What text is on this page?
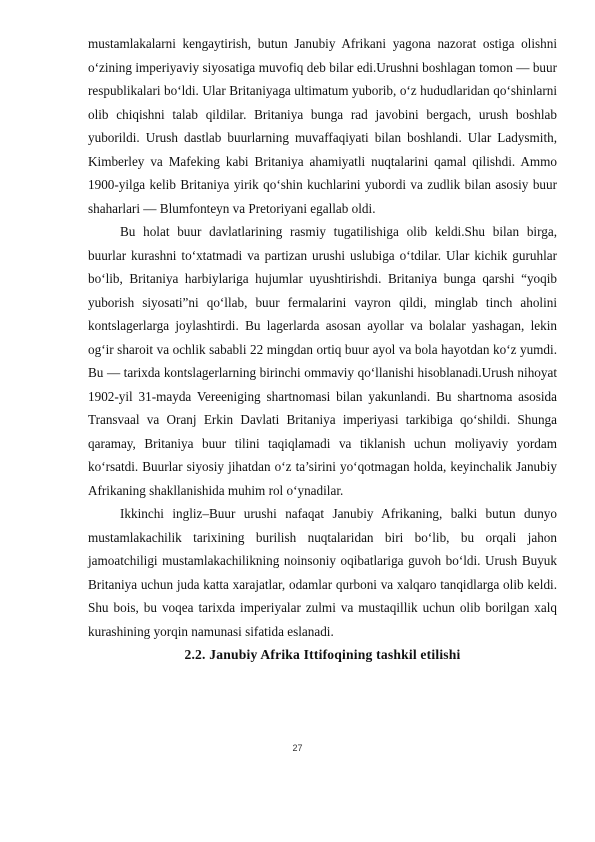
mustamlakalarni kengaytirish, butun Janubiy Afrikani yagona nazorat ostiga olishni o‘zining imperiyaviy siyosatiga muvofiq deb bilar edi.Urushni boshlagan tomon — buur respublikalari bo‘ldi. Ular Britaniyaga ultimatum yuborib, o‘z hududlaridan qo‘shinlarni olib chiqishni talab qildilar. Britaniya bunga rad javobini bergach, urush boshlab yuborildi. Urush dastlab buurlarning muvaffaqiyati bilan boshlandi. Ular Ladysmith, Kimberley va Mafeking kabi Britaniya ahamiyatli nuqtalarini qamal qilishdi. Ammo 1900-yilga kelib Britaniya yirik qo‘shin kuchlarini yubordi va zudlik bilan asosiy buur shaharlari — Blumfonteyn va Pretoriyani egallab oldi.

Bu holat buur davlatlarining rasmiy tugatilishiga olib keldi.Shu bilan birga, buurlar kurashni to‘xtatmadi va partizan urushi uslubiga o‘tdilar. Ular kichik guruhlar bo‘lib, Britaniya harbiylariga hujumlar uyushtirishdi. Britaniya bunga qarshi “yoqib yuborish siyosati”ni qo‘llab, buur fermalarini vayron qildi, minglab tinch aholini kontslagerlarga joylashtirdi. Bu lagerlarda asosan ayollar va bolalar yashagan, lekin og‘ir sharoit va ochlik sababli 22 mingdan ortiq buur ayol va bola hayotdan ko‘z yumdi. Bu — tarixda kontslagerlarning birinchi ommaviy qo‘llanishi hisoblanadi.Urush nihoyat 1902-yil 31-mayda Vereeniging shartnomasi bilan yakunlandi. Bu shartnoma asosida Transvaal va Oranj Erkin Davlati Britaniya imperiyasi tarkibiga qo‘shildi. Shunga qaramay, Britaniya buur tilini taqiqlamadi va tiklanish uchun moliyaviy yordam ko‘rsatdi. Buurlar siyosiy jihatdan o‘z ta’sirini yo‘qotmagan holda, keyinchalik Janubiy Afrikaning shakllanishida muhim rol o‘ynadilar.

Ikkinchi ingliz–Buur urushi nafaqat Janubiy Afrikaning, balki butun dunyo mustamlakachilik tarixining burilish nuqtalaridan biri bo‘lib, bu orqali jahon jamoatchiligi mustamlakachilikning noinsoniy oqibatlariga guvoh bo‘ldi. Urush Buyuk Britaniya uchun juda katta xarajatlar, odamlar qurboni va xalqaro tanqidlarga olib keldi. Shu bois, bu voqea tarixda imperiyalar zulmi va mustaqillik uchun olib borilgan xalq kurashining yorqin namunasi sifatida eslanadi.

2.2. Janubiy Afrika Ittifoqining tashkil etilishi
27
